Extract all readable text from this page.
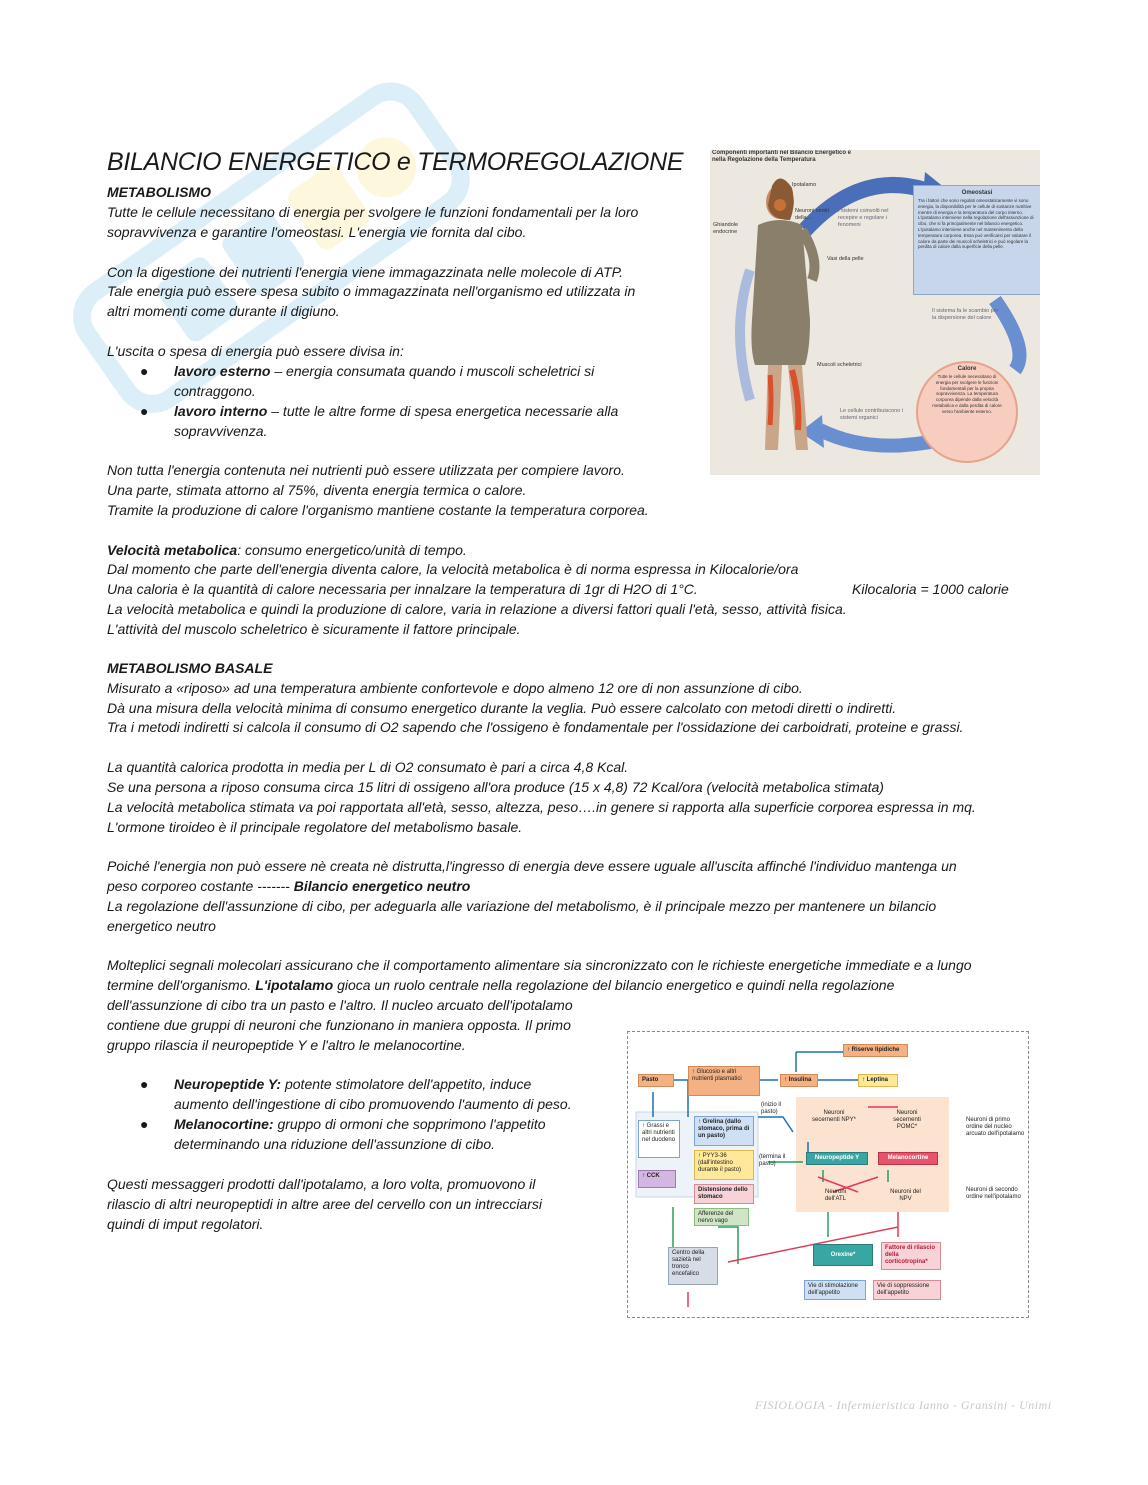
BILANCIO ENERGETICO e TERMOREGOLAZIONE

METABOLISMO

Tutte le cellule necessitano di energia per svolgere le funzioni fondamentali per la loro

sopravvivenza e garantire l'omeostasi. L'energia vie fornita dal cibo.

Con la digestione dei nutrienti l'energia viene immagazzinata nelle molecole di ATP.

Tale energia può essere spesa subito o immagazzinata nell'organismo ed utilizzata in

altri momenti come durante il digiuno.

L'uscita o spesa di energia può essere divisa in:

● lavoro esterno – energia consumata quando i muscoli scheletrici si

contraggono.

● lavoro interno – tutte le altre forme di spesa energetica necessarie alla

sopravvivenza.

Non tutta l'energia contenuta nei nutrienti può essere utilizzata per compiere lavoro.

Una parte, stimata attorno al 75%, diventa energia termica o calore.

Tramite la produzione di calore l'organismo mantiene costante la temperatura corporea.

Velocità metabolica: consumo energetico/unità di tempo.

Dal momento che parte dell'energia diventa calore, la velocità metabolica è di norma espressa in Kilocalorie/ora

Una caloria è la quantità di calore necessaria per innalzare la temperatura di 1gr di H2O di 1°C.	Kilocaloria = 1000 calorie

La velocità metabolica e quindi la produzione di calore, varia in relazione a diversi fattori quali l'età, sesso, attività fisica.

L'attività del muscolo scheletrico è sicuramente il fattore principale.

METABOLISMO BASALE

Misurato a «riposo» ad una temperatura ambiente confortevole e dopo almeno 12 ore di non assunzione di cibo.

Dà una misura della velocità minima di consumo energetico durante la veglia. Può essere calcolato con metodi diretti o indiretti.

Tra i metodi indiretti si calcola il consumo di O2 sapendo che l'ossigeno è fondamentale per l'ossidazione dei carboidrati, proteine e grassi.

La quantità calorica prodotta in media per L di O2 consumato è pari a circa 4,8 Kcal.

Se una persona a riposo consuma circa 15 litri di ossigeno all'ora produce (15 x 4,8) 72 Kcal/ora (velocità metabolica stimata)

La velocità metabolica stimata va poi rapportata all'età, sesso, altezza, peso….in genere si rapporta alla superficie corporea espressa in mq.

L'ormone tiroideo è il principale regolatore del metabolismo basale.

Poiché l'energia non può essere nè creata nè distrutta,l'ingresso di energia deve essere uguale all'uscita affinché l'individuo mantenga un

peso corporeo costante ------- Bilancio energetico neutro

La regolazione dell'assunzione di cibo, per adeguarla alle variazione del metabolismo, è il principale mezzo per mantenere un bilancio

energetico neutro

Molteplici segnali molecolari assicurano che il comportamento alimentare sia sincronizzato con le richieste energetiche immediate e a lungo

termine dell'organismo. L'ipotalamo gioca un ruolo centrale nella regolazione del bilancio energetico e quindi nella regolazione

dell'assunzione di cibo tra un pasto e l'altro. Il nucleo arcuato dell'ipotalamo

contiene due gruppi di neuroni che funzionano in maniera opposta. Il primo

gruppo rilascia il neuropeptide Y e l'altro le melanocortine.

● Neuropeptide Y: potente stimolatore dell'appetito, induce

aumento dell'ingestione di cibo promuovendo l'aumento di peso.

● Melanocortine: gruppo di ormoni che sopprimono l'appetito

determinando una riduzione dell'assunzione di cibo.

Questi messaggeri prodotti dall'ipotalamo, a loro volta, promuovono il

rilascio di altri neuropeptidi in altre aree del cervello con un intrecciarsi

quindi di imput regolatori.

Componenti importanti nel Bilancio Energetico e nella Regolazione della Temperatura
Ipotalamo
Ghiandole endocrine
Neuroni centri della...
Vasi della pelle
Muscoli scheletrici
I sistemi coinvolti nel recepire e regolare i fenomeni
Il sistema fa le scambio per la dispersione del calore
Le cellule contribuiscono i sistemi organici
Omeostasi
Tra i fattori che sono regolati omeostaticamente vi sono energia, la disponibilità per le cellule di sostanze nutritive mentre di energia e la temperatura del corpo interno. L'ipotalamo interviene nella regolazione dell'assunzione di cibo, che si fa principalmente nel bilancio energetico. L'ipotalamo interviene anche nel mantenimento della temperatura corporea. Essa può verificarsi per valutare il calore da parte dei muscoli scheletrici e può regolare la perdita di calore dalla superficie della pelle.
Calore
Tutte le cellule necessitano di energia per svolgere le funzioni fondamentali per la propria sopravvivenza. La temperatura corporea dipende dalla velocità metabolica e dalla perdita di calore verso l'ambiente esterno.
Pasto
↑ Glucosio e altri nutrienti plasmatici	↑ Insulina	↑ Leptina
↑ Riserve lipidiche
↑ Grassi e altri nutrienti nel duodeno
↑ Grelina (dallo stomaco, prima di un pasto)
(inizio il pasto)
↑ PYY3-36 (dall'intestino durante il pasto)
(termina il pasto)
↑ CCK
Distensione dello stomaco
Neuroni secernenti NPY*
Neuroni secernenti POMC*
Neuropeptide Y	Melanocortine
Neuroni dell'ATL
Neuroni del NPV
Afferenze del nervo vago
Centro della sazietà nel tronco encefalico
Orexine*
Fattore di rilascio della corticotropina*
Vie di stimolazione dell'appetito
Vie di soppressione dell'appetito
Neuroni di primo ordine del nucleo arcuato dell'ipotalamo
Neuroni di secondo ordine nell'ipotalamo
FISIOLOGIA - Infermieristica Ianno - Gransini - Unimi
